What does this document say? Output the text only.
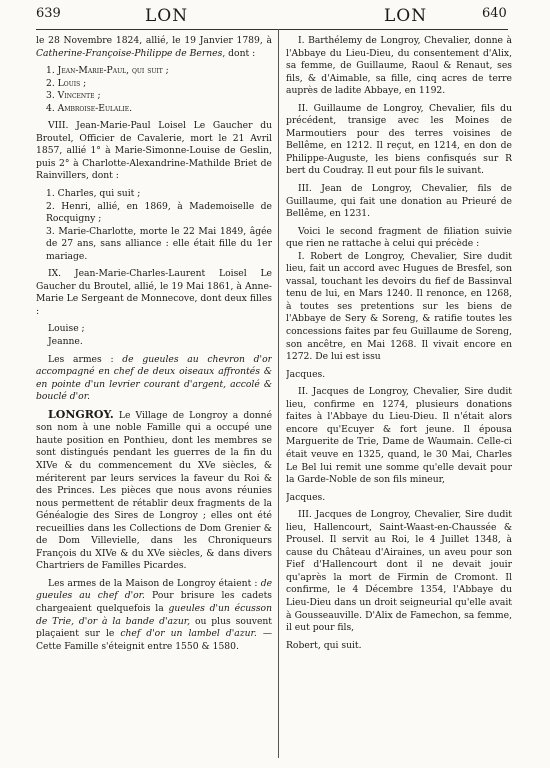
639	LON	LON	640

le 28 Novembre 1824, allié, le 19 Janvier 1789, à Catherine-Françoise-Philippe de Bernes, dont :

1. Jean-Marie-Paul, qui suit ;

2. Louis ;

3. Vincente ;

4. Ambroise-Eulalie.

VIII. Jean-Marie-Paul Loisel Le Gaucher du Broutel, Officier de Cavalerie, mort le 21 Avril 1857, allié 1° à Marie-Simonne-Louise de Geslin, puis 2° à Charlotte-Alexandrine-Mathilde Briet de Rainvillers, dont :

1. Charles, qui suit ;

2. Henri, allié, en 1869, à Mademoiselle de Rocquigny ;

3. Marie-Charlotte, morte le 22 Mai 1849, âgée de 27 ans, sans alliance : elle était fille du 1er mariage.

IX. Jean-Marie-Charles-Laurent Loisel Le Gaucher du Broutel, allié, le 19 Mai 1861, à Anne-Marie Le Sergeant de Monnecove, dont deux filles :

Louise ;

Jeanne.

Les armes : de gueules au chevron d'or accompagné en chef de deux oiseaux affrontés & en pointe d'un levrier courant d'argent, accolé & bouclé d'or.

LONGROY. Le Village de Longroy a donné son nom à une noble Famille qui a occupé une haute position en Ponthieu, dont les membres se sont distingués pendant les guerres de la fin du XIVe & du commencement du XVe siècles, & mériterent par leurs services la faveur du Roi & des Princes. Les pièces que nous avons réunies nous permettent de rétablir deux fragments de la Généalogie des Sires de Longroy ; elles ont été recueillies dans les Collections de Dom Grenier & de Dom Villevielle, dans les Chroniqueurs François du XIVe & du XVe siècles, & dans divers Chartriers de Familles Picardes.

Les armes de la Maison de Longroy étaient : de gueules au chef d'or. Pour brisure les cadets chargeaient quelquefois la gueules d'un écusson de Trie, d'or à la bande d'azur, ou plus souvent plaçaient sur le chef d'or un lambel d'azur. — Cette Famille s'éteignit entre 1550 & 1580.

I. Barthélemy de Longroy, Chevalier, donne à l'Abbaye du Lieu-Dieu, du consentement d'Alix, sa femme, de Guillaume, Raoul & Renaut, ses fils, & d'Aimable, sa fille, cinq acres de terre auprès de ladite Abbaye, en 1192.

II. Guillaume de Longroy, Chevalier, fils du précédent, transige avec les Moines de Marmoutiers pour des terres voisines de Bellême, en 1212. Il reçut, en 1214, en don de Philippe-Auguste, les biens confisqués sur R bert du Coudray. Il eut pour fils le suivant.

III. Jean de Longroy, Chevalier, fils de Guillaume, qui fait une donation au Prieuré de Bellême, en 1231.

Voici le second fragment de filiation suivie que rien ne rattache à celui qui précède :

I. Robert de Longroy, Chevalier, Sire dudit lieu, fait un accord avec Hugues de Bresfel, son vassal, touchant les devoirs du fief de Bassinval tenu de lui, en Mars 1240. Il renonce, en 1268, à toutes ses pretentions sur les biens de l'Abbaye de Sery & Soreng, & ratifie toutes les concessions faites par feu Guillaume de Soreng, son ancêtre, en Mai 1268. Il vivait encore en 1272. De lui est issu

Jacques.

II. Jacques de Longroy, Chevalier, Sire dudit lieu, confirme en 1274, plusieurs donations faites à l'Abbaye du Lieu-Dieu. Il n'était alors encore qu'Ecuyer & fort jeune. Il épousa Marguerite de Trie, Dame de Waumain. Celle-ci était veuve en 1325, quand, le 30 Mai, Charles Le Bel lui remit une somme qu'elle devait pour la Garde-Noble de son fils mineur,

Jacques.

III. Jacques de Longroy, Chevalier, Sire dudit lieu, Hallencourt, Saint-Waast-en-Chaussée & Prousel. Il servit au Roi, le 4 Juillet 1348, à cause du Château d'Airaines, un aveu pour son Fief d'Hallencourt dont il ne devait jouir qu'après la mort de Firmin de Cromont. Il confirme, le 4 Décembre 1354, l'Abbaye du Lieu-Dieu dans un droit seigneurial qu'elle avait à Gousseauville. D'Alix de Famechon, sa femme, il eut pour fils,

Robert, qui suit.
